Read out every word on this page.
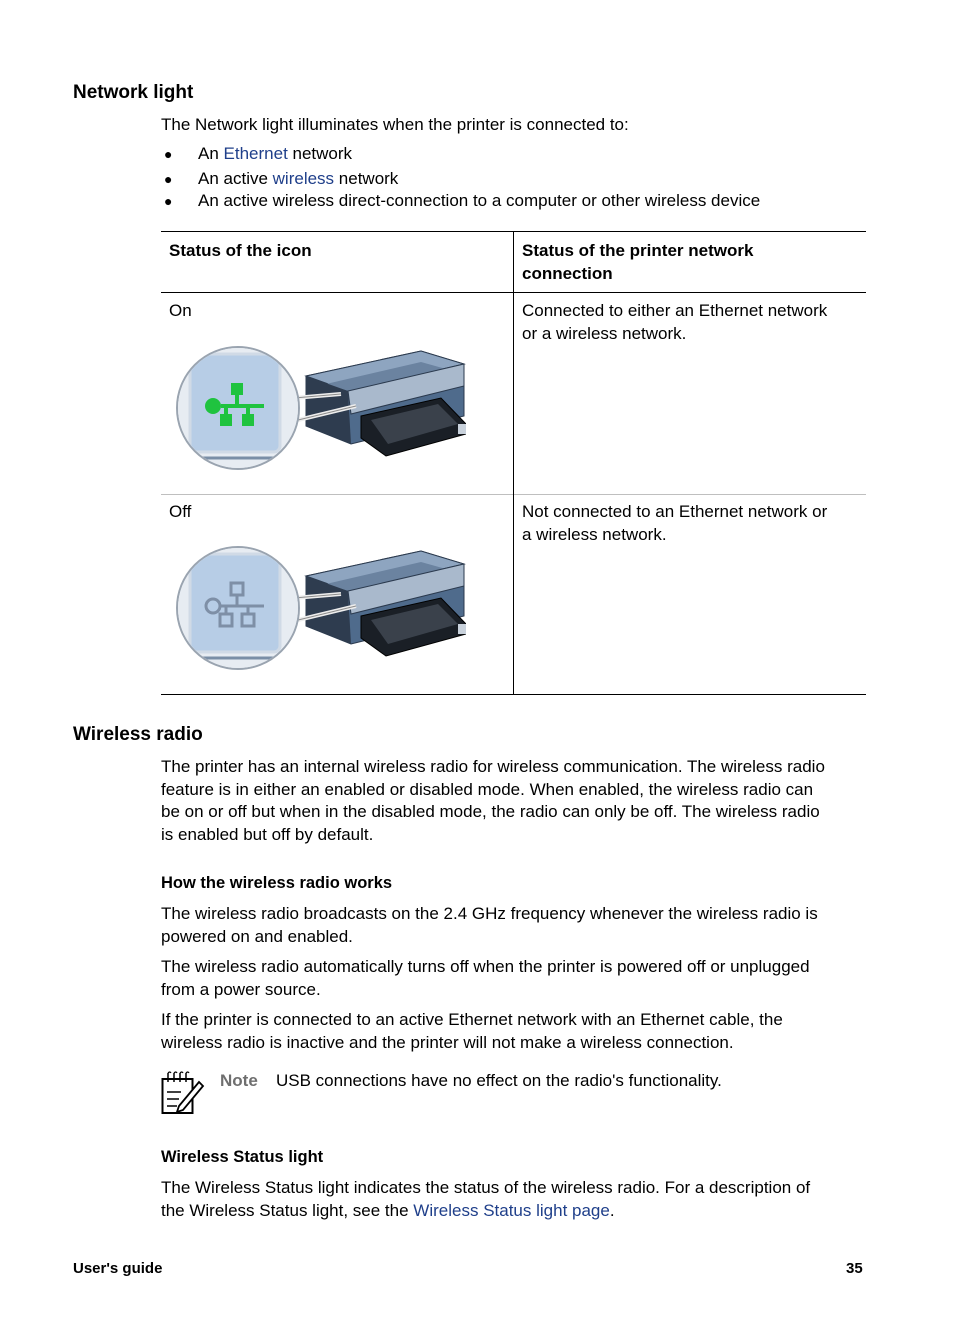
Network light

The Network light illuminates when the printer is connected to:

● An Ethernet network
● An active wireless network
● An active wireless direct-connection to a computer or other wireless device
Status of the icon	Status of the printer network
connection
On	Connected to either an Ethernet network
or a wireless network.
Off	Not connected to an Ethernet network or
a wireless network.
Wireless radio
The printer has an internal wireless radio for wireless communication. The wireless radio
feature is in either an enabled or disabled mode. When enabled, the wireless radio can
be on or off but when in the disabled mode, the radio can only be off. The wireless radio
is enabled but off by default.
How the wireless radio works
The wireless radio broadcasts on the 2.4 GHz frequency whenever the wireless radio is
powered on and enabled.
The wireless radio automatically turns off when the printer is powered off or unplugged
from a power source.
If the printer is connected to an active Ethernet network with an Ethernet cable, the
wireless radio is inactive and the printer will not make a wireless connection.
Note USB connections have no effect on the radio's functionality.
Wireless Status light
The Wireless Status light indicates the status of the wireless radio. For a description of
the Wireless Status light, see the Wireless Status light page.
User's guide	35
